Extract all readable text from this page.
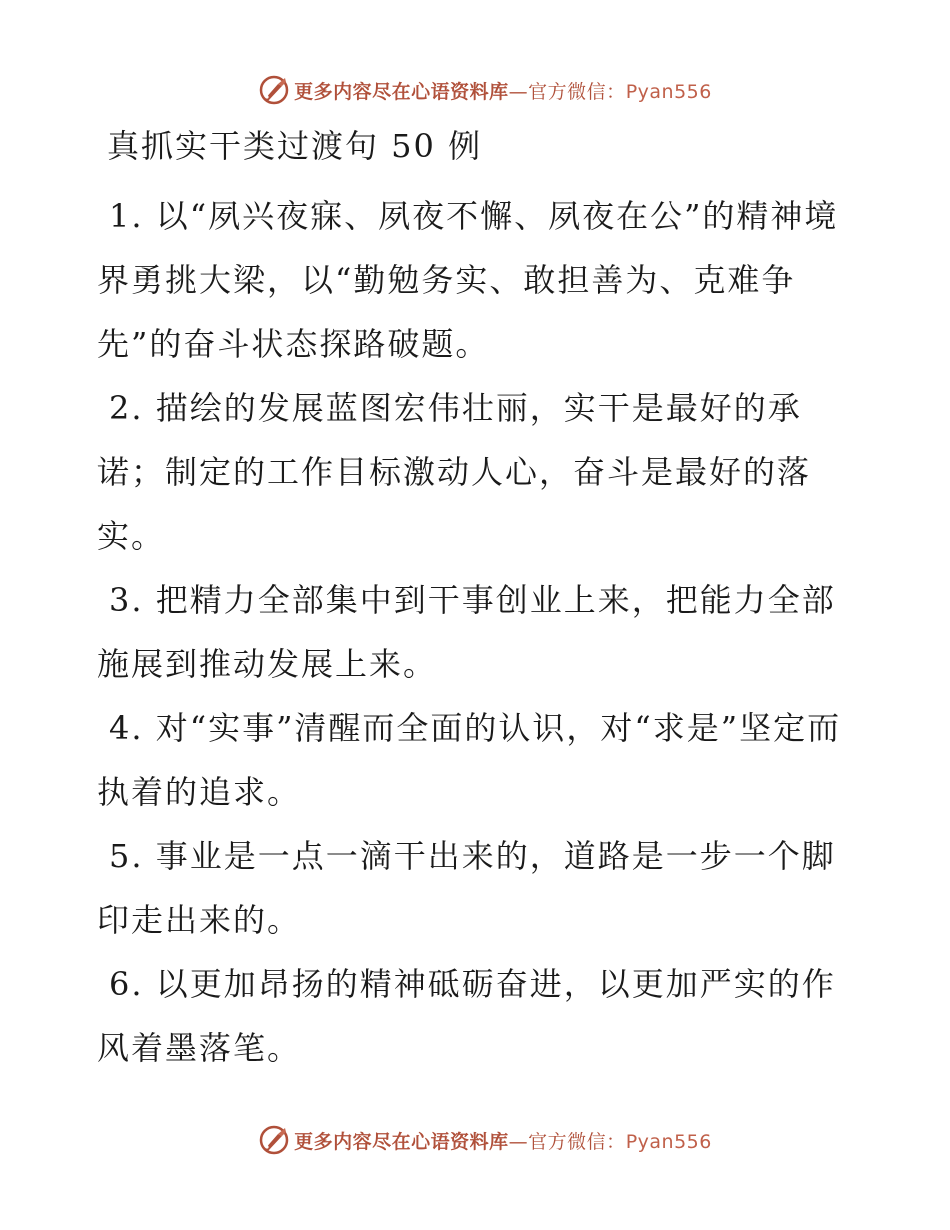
更多内容尽在心语资料库—官方微信：Pyan556
真抓实干类过渡句 50 例

1. 以“夙兴夜寐、夙夜不懈、夙夜在公”的精神境界勇挑大梁，以“勤勉务实、敢担善为、克难争先”的奋斗状态探路破题。

2. 描绘的发展蓝图宏伟壮丽，实干是最好的承诺；制定的工作目标激动人心，奋斗是最好的落实。

3. 把精力全部集中到干事创业上来，把能力全部施展到推动发展上来。

4. 对“实事”清醒而全面的认识，对“求是”坚定而执着的追求。

5. 事业是一点一滴干出来的，道路是一步一个脚印走出来的。

6. 以更加昂扬的精神砥砺奋进，以更加严实的作风着墨落笔。

更多内容尽在心语资料库—官方微信：Pyan556
